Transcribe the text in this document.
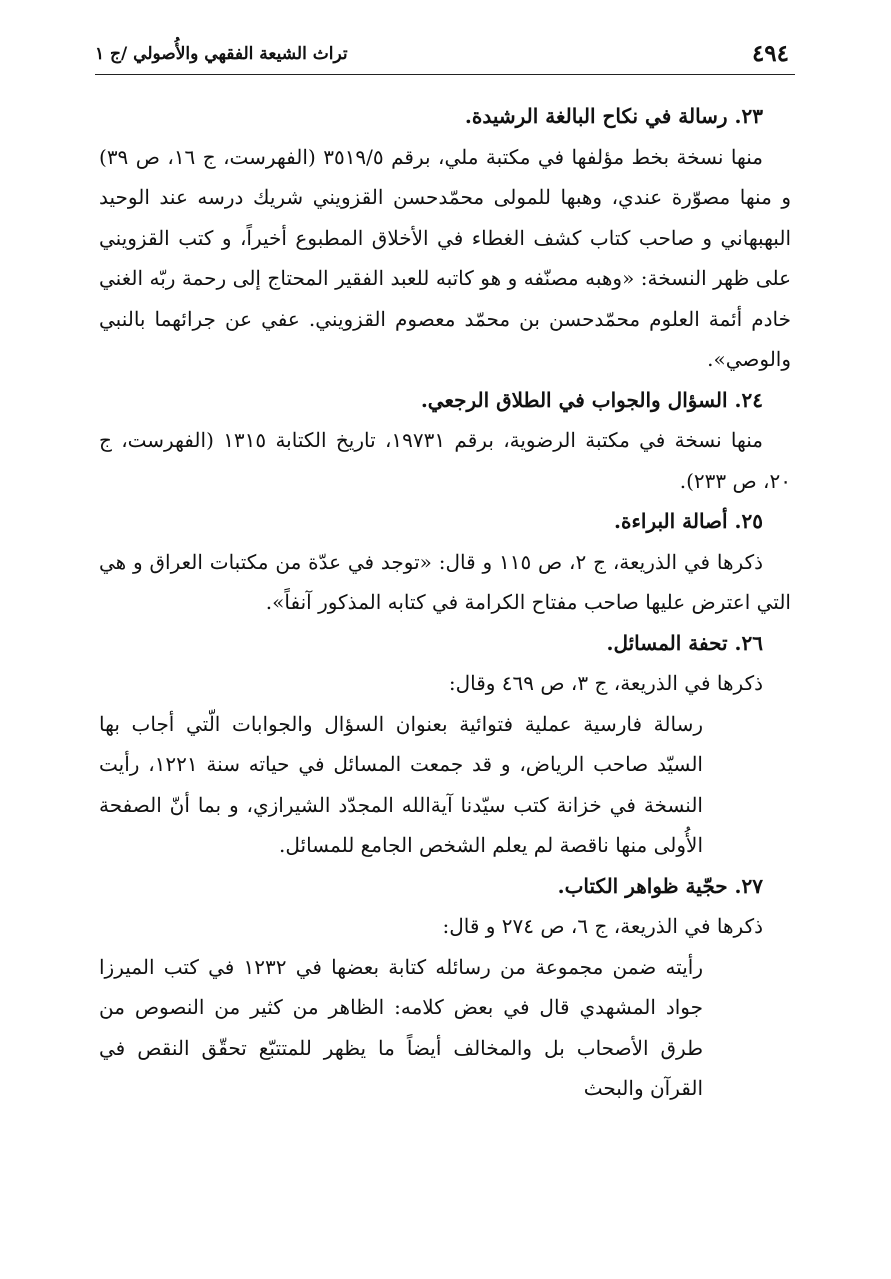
٤٩٤
تراث الشيعة الفقهي والأُصولي /ج ١

٢٣. رسالة في نكاح البالغة الرشيدة.

منها نسخة بخط مؤلفها في مكتبة ملي، برقم ٣٥١٩/٥ (الفهرست، ج ١٦، ص ٣٩) و منها مصوّرة عندي، وهبها للمولى محمّدحسن القزويني شريك درسه عند الوحيد البهبهاني و صاحب كتاب كشف الغطاء في الأخلاق المطبوع أخيراً، و كتب القزويني على ظهر النسخة: «وهبه مصنّفه و هو كاتبه للعبد الفقير المحتاج إلى رحمة ربّه الغني خادم أئمة العلوم محمّدحسن بن محمّد معصوم القزويني. عفي عن جرائهما بالنبي والوصي».

٢٤. السؤال والجواب في الطلاق الرجعي.

منها نسخة في مكتبة الرضوية، برقم ١٩٧٣١، تاريخ الكتابة ١٣١٥ (الفهرست، ج ٢٠، ص ٢٣٣).

٢٥. أصالة البراءة.

ذكرها في الذريعة، ج ٢، ص ١١٥ و قال: «توجد في عدّة من مكتبات العراق و هي التي اعترض عليها صاحب مفتاح الكرامة في كتابه المذكور آنفاً».

٢٦. تحفة المسائل.

ذكرها في الذريعة، ج ٣، ص ٤٦٩ وقال:

رسالة فارسية عملية فتوائية بعنوان السؤال والجوابات الّتي أجاب بها السيّد صاحب الرياض، و قد جمعت المسائل في حياته سنة ١٢٢١، رأيت النسخة في خزانة كتب سيّدنا آيةالله المجدّد الشيرازي، و بما أنّ الصفحة الأُولى منها ناقصة لم يعلم الشخص الجامع للمسائل.

٢٧. حجّية ظواهر الكتاب.

ذكرها في الذريعة، ج ٦، ص ٢٧٤ و قال:

رأيته ضمن مجموعة من رسائله كتابة بعضها في ١٢٣٢ في كتب الميرزا جواد المشهدي قال في بعض كلامه: الظاهر من كثير من النصوص من طرق الأصحاب بل والمخالف أيضاً ما يظهر للمتتبّع تحقّق النقص في القرآن والبحث
